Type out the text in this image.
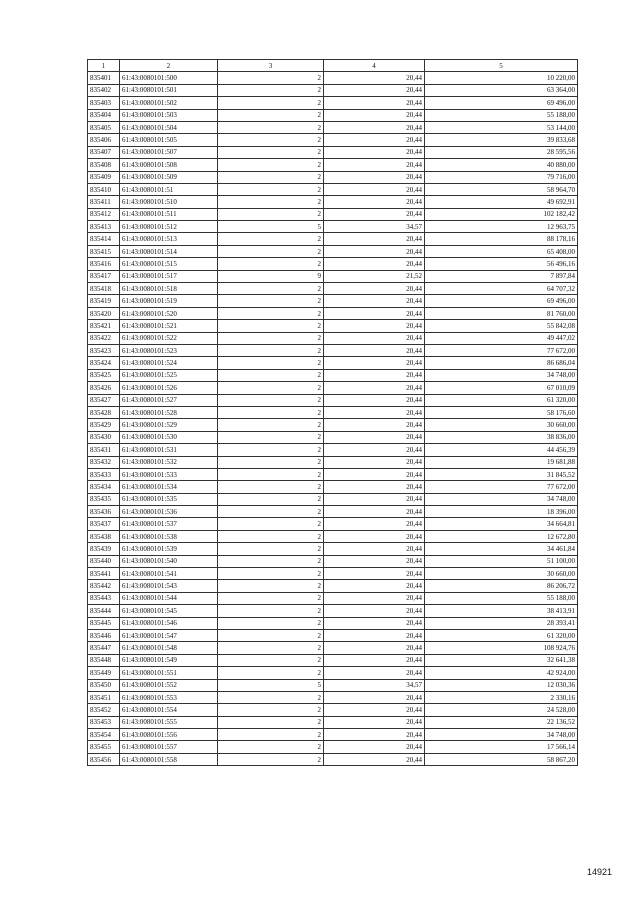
1	2	3	4	5
835401	61:43:0080101:500	2	20,44	10 220,00
835402	61:43:0080101:501	2	20,44	63 364,00
835403	61:43:0080101:502	2	20,44	69 496,00
835404	61:43:0080101:503	2	20,44	55 188,00
835405	61:43:0080101:504	2	20,44	53 144,00
835406	61:43:0080101:505	2	20,44	39 833,68
835407	61:43:0080101:507	2	20,44	28 595,56
835408	61:43:0080101:508	2	20,44	40 880,00
835409	61:43:0080101:509	2	20,44	79 716,00
835410	61:43:0080101:51	2	20,44	58 964,70
835411	61:43:0080101:510	2	20,44	49 692,91
835412	61:43:0080101:511	2	20,44	102 182,42
835413	61:43:0080101:512	5	34,57	12 963,75
835414	61:43:0080101:513	2	20,44	88 178,16
835415	61:43:0080101:514	2	20,44	65 408,00
835416	61:43:0080101:515	2	20,44	56 496,16
835417	61:43:0080101:517	9	21,52	7 897,84
835418	61:43:0080101:518	2	20,44	64 707,32
835419	61:43:0080101:519	2	20,44	69 496,00
835420	61:43:0080101:520	2	20,44	81 760,00
835421	61:43:0080101:521	2	20,44	55 842,08
835422	61:43:0080101:522	2	20,44	49 447,02
835423	61:43:0080101:523	2	20,44	77 672,00
835424	61:43:0080101:524	2	20,44	86 686,04
835425	61:43:0080101:525	2	20,44	34 748,00
835426	61:43:0080101:526	2	20,44	67 010,09
835427	61:43:0080101:527	2	20,44	61 320,00
835428	61:43:0080101:528	2	20,44	58 176,60
835429	61:43:0080101:529	2	20,44	30 660,00
835430	61:43:0080101:530	2	20,44	38 836,00
835431	61:43:0080101:531	2	20,44	44 456,39
835432	61:43:0080101:532	2	20,44	19 681,88
835433	61:43:0080101:533	2	20,44	31 845,52
835434	61:43:0080101:534	2	20,44	77 672,00
835435	61:43:0080101:535	2	20,44	34 748,00
835436	61:43:0080101:536	2	20,44	18 396,00
835437	61:43:0080101:537	2	20,44	34 664,81
835438	61:43:0080101:538	2	20,44	12 672,80
835439	61:43:0080101:539	2	20,44	34 461,84
835440	61:43:0080101:540	2	20,44	51 100,00
835441	61:43:0080101:541	2	20,44	30 660,00
835442	61:43:0080101:543	2	20,44	86 206,72
835443	61:43:0080101:544	2	20,44	55 188,00
835444	61:43:0080101:545	2	20,44	38 413,91
835445	61:43:0080101:546	2	20,44	28 393,41
835446	61:43:0080101:547	2	20,44	61 320,00
835447	61:43:0080101:548	2	20,44	108 924,76
835448	61:43:0080101:549	2	20,44	32 641,38
835449	61:43:0080101:551	2	20,44	42 924,00
835450	61:43:0080101:552	5	34,57	12 030,36
835451	61:43:0080101:553	2	20,44	2 330,16
835452	61:43:0080101:554	2	20,44	24 528,00
835453	61:43:0080101:555	2	20,44	22 136,52
835454	61:43:0080101:556	2	20,44	34 748,00
835455	61:43:0080101:557	2	20,44	17 566,14
835456	61:43:0080101:558	2	20,44	58 867,20
14921
